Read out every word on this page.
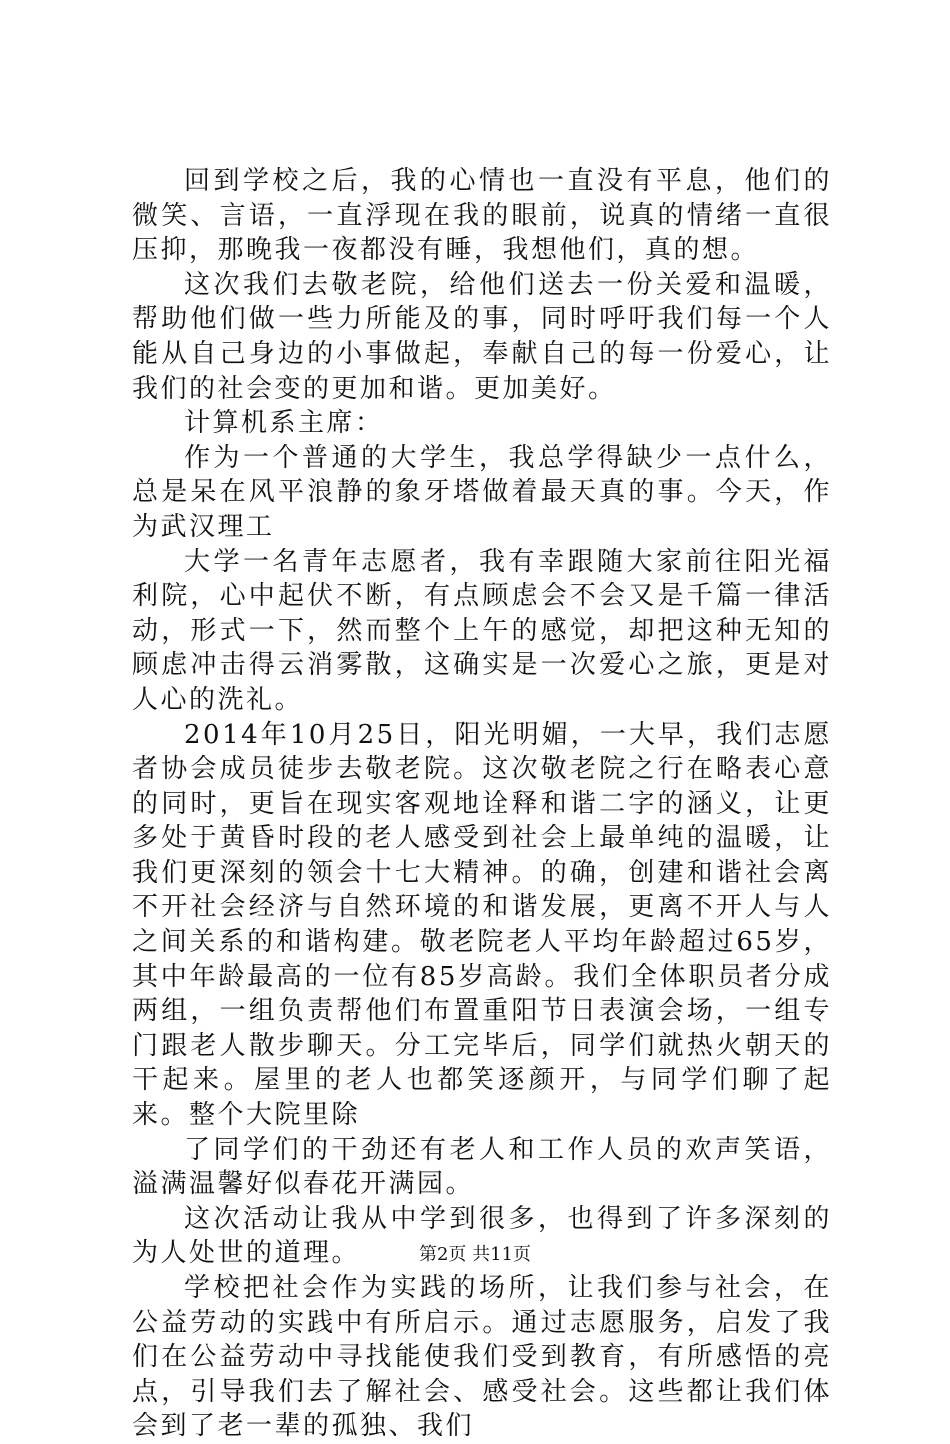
回到学校之后，我的心情也一直没有平息，他们的微笑、言语，一直浮现在我的眼前，说真的情绪一直很压抑，那晚我一夜都没有睡，我想他们，真的想。

这次我们去敬老院，给他们送去一份关爱和温暖，帮助他们做一些力所能及的事，同时呼吁我们每一个人能从自己身边的小事做起，奉献自己的每一份爱心，让我们的社会变的更加和谐。更加美好。

计算机系主席：

作为一个普通的大学生，我总学得缺少一点什么，总是呆在风平浪静的象牙塔做着最天真的事。今天，作为武汉理工

大学一名青年志愿者，我有幸跟随大家前往阳光福利院，心中起伏不断，有点顾虑会不会又是千篇一律活动，形式一下，然而整个上午的感觉，却把这种无知的顾虑冲击得云消雾散，这确实是一次爱心之旅，更是对人心的洗礼。

2014年10月25日，阳光明媚，一大早，我们志愿者协会成员徒步去敬老院。这次敬老院之行在略表心意的同时，更旨在现实客观地诠释和谐二字的涵义，让更多处于黄昏时段的老人感受到社会上最单纯的温暖，让我们更深刻的领会十七大精神。的确，创建和谐社会离不开社会经济与自然环境的和谐发展，更离不开人与人之间关系的和谐构建。敬老院老人平均年龄超过65岁，其中年龄最高的一位有85岁高龄。我们全体职员者分成两组，一组负责帮他们布置重阳节日表演会场，一组专门跟老人散步聊天。分工完毕后，同学们就热火朝天的干起来。屋里的老人也都笑逐颜开，与同学们聊了起来。整个大院里除

了同学们的干劲还有老人和工作人员的欢声笑语，溢满温馨好似春花开满园。

这次活动让我从中学到很多，也得到了许多深刻的为人处世的道理。

学校把社会作为实践的场所，让我们参与社会，在公益劳动的实践中有所启示。通过志愿服务，启发了我们在公益劳动中寻找能使我们受到教育，有所感悟的亮点，引导我们去了解社会、感受社会。这些都让我们体会到了老一辈的孤独、我们

第2页 共11页
